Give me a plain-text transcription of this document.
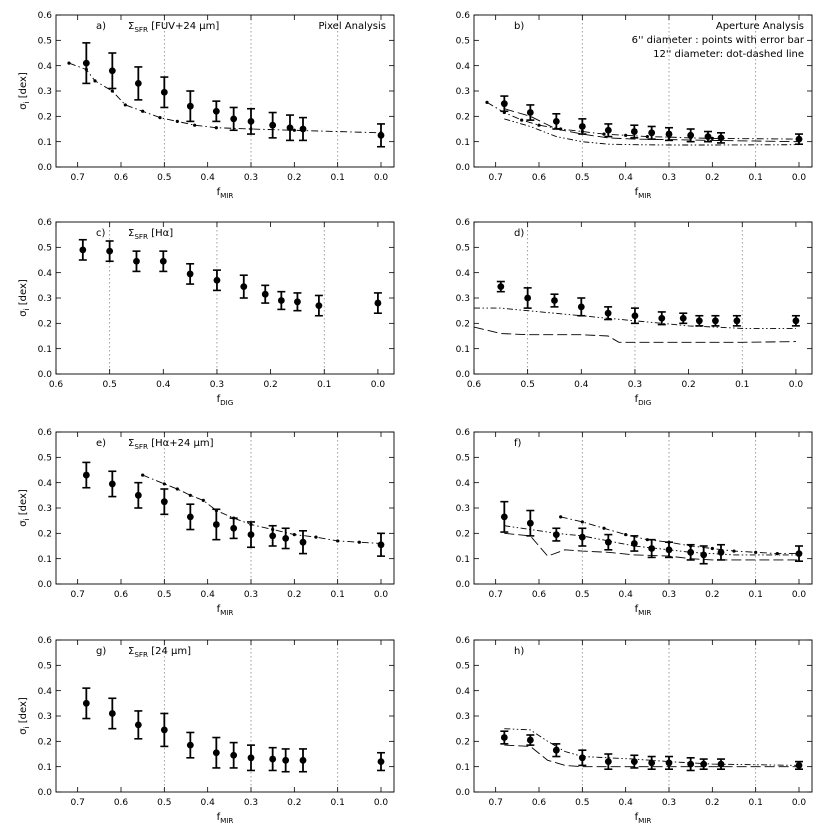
0.0
0.1
0.2
0.3
0.4
0.5
0.6
0.7	0.6	0.5	0.4	0.3	0.2	0.1	0.0
$f_{MIR}$
$\sigma_i$ [dex]
a) $\Sigma_{SFR}$ [FUV+24 μm]	Pixel Analysis
0.0
0.1
0.2
0.3
0.4
0.5
0.6
0.7	0.6	0.5	0.4	0.3	0.2	0.1	0.0
$f_{MIR}$
b)	Aperture Analysis
6'' diameter : points with error bar
12'' diameter: dot-dashed line
0.0
0.1
0.2
0.3
0.4
0.5
0.6
0.6	0.5	0.4	0.3	0.2	0.1	0.0
$f_{DIG}$
$\sigma_i$ [dex]
c) $\Sigma_{SFR}$ [Hα]
0.0
0.1
0.2
0.3
0.4
0.5
0.6
0.6	0.5	0.4	0.3	0.2	0.1	0.0
$f_{DIG}$
d)
0.0
0.1
0.2
0.3
0.4
0.5
0.6
0.7	0.6	0.5	0.4	0.3	0.2	0.1	0.0
$f_{MIR}$
$\sigma_i$ [dex]
e) $\Sigma_{SFR}$ [Hα+24 μm]
0.0
0.1
0.2
0.3
0.4
0.5
0.6
0.7	0.6	0.5	0.4	0.3	0.2	0.1	0.0
$f_{MIR}$
f)
0.0
0.1
0.2
0.3
0.4
0.5
0.6
0.7	0.6	0.5	0.4	0.3	0.2	0.1	0.0
$f_{MIR}$
$\sigma_i$ [dex]
g) $\Sigma_{SFR}$ [24 μm]
0.0
0.1
0.2
0.3
0.4
0.5
0.6
0.7	0.6	0.5	0.4	0.3	0.2	0.1	0.0
$f_{MIR}$
h)
